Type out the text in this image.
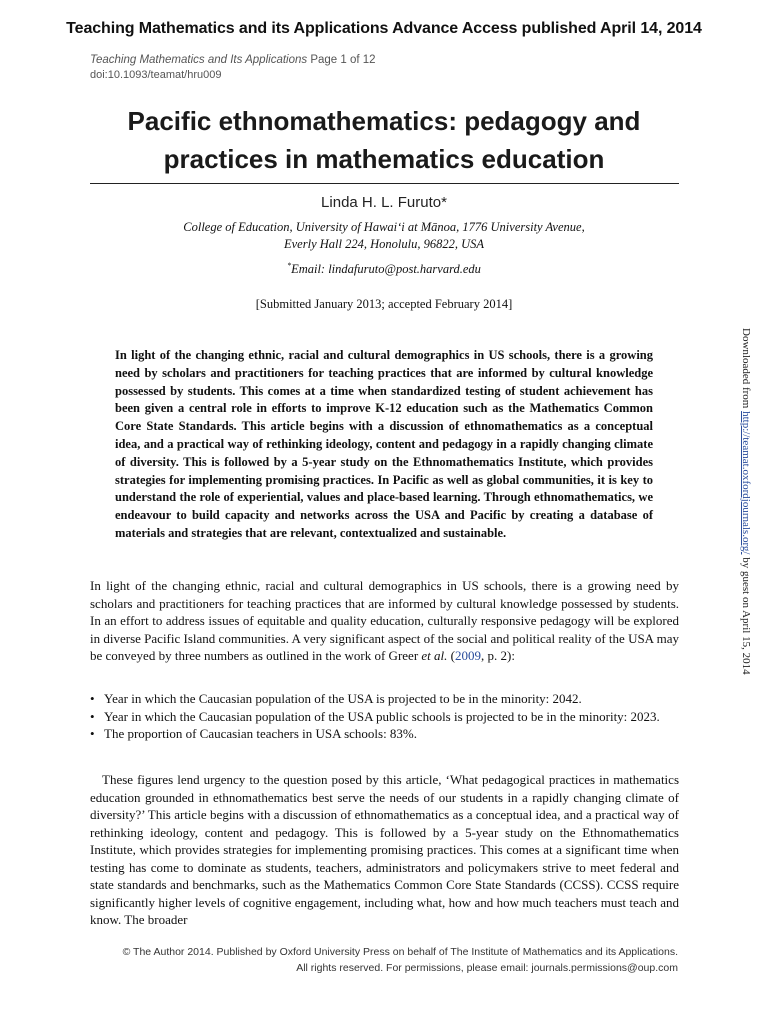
Teaching Mathematics and its Applications Advance Access published April 14, 2014
Teaching Mathematics and Its Applications Page 1 of 12
doi:10.1093/teamat/hru009
Pacific ethnomathematics: pedagogy and
practices in mathematics education
Linda H. L. Furuto*
College of Education, University of Hawai‘i at Mānoa, 1776 University Avenue,
Everly Hall 224, Honolulu, 96822, USA
*Email: lindafuruto@post.harvard.edu
[Submitted January 2013; accepted February 2014]
In light of the changing ethnic, racial and cultural demographics in US schools, there is a growing need by scholars and practitioners for teaching practices that are informed by cultural knowledge possessed by students. This comes at a time when standardized testing of student achievement has been given a central role in efforts to improve K-12 education such as the Mathematics Common Core State Standards. This article begins with a discussion of ethnomathematics as a conceptual idea, and a practical way of rethinking ideology, content and pedagogy in a rapidly changing climate of diversity. This is followed by a 5-year study on the Ethnomathematics Institute, which provides strategies for implementing promising practices. In Pacific as well as global communities, it is key to understand the role of experiential, values and place-based learning. Through ethnomathematics, we endeavour to build capacity and networks across the USA and Pacific by creating a database of materials and strategies that are relevant, contextualized and sustainable.
In light of the changing ethnic, racial and cultural demographics in US schools, there is a growing need by scholars and practitioners for teaching practices that are informed by cultural knowledge possessed by students. In an effort to address issues of equitable and quality education, culturally responsive pedagogy will be explored in diverse Pacific Island communities. A very significant aspect of the social and political reality of the USA may be conveyed by three numbers as outlined in the work of Greer et al. (2009, p. 2):
• Year in which the Caucasian population of the USA is projected to be in the minority: 2042.
• Year in which the Caucasian population of the USA public schools is projected to be in the minority: 2023.
• The proportion of Caucasian teachers in USA schools: 83%.
These figures lend urgency to the question posed by this article, ‘What pedagogical practices in mathematics education grounded in ethnomathematics best serve the needs of our students in a rapidly changing climate of diversity?’ This article begins with a discussion of ethnomathematics as a conceptual idea, and a practical way of rethinking ideology, content and pedagogy. This is followed by a 5-year study on the Ethnomathematics Institute, which provides strategies for implementing promising practices. This comes at a significant time when testing has come to dominate as students, teachers, administrators and policymakers strive to meet federal and state standards and benchmarks, such as the Mathematics Common Core State Standards (CCSS). CCSS require significantly higher levels of cognitive engagement, including what, how and how much teachers must teach and know. The broader
© The Author 2014. Published by Oxford University Press on behalf of The Institute of Mathematics and its Applications.
All rights reserved. For permissions, please email: journals.permissions@oup.com
Downloaded from http://teamat.oxfordjournals.org/ by guest on April 15, 2014
